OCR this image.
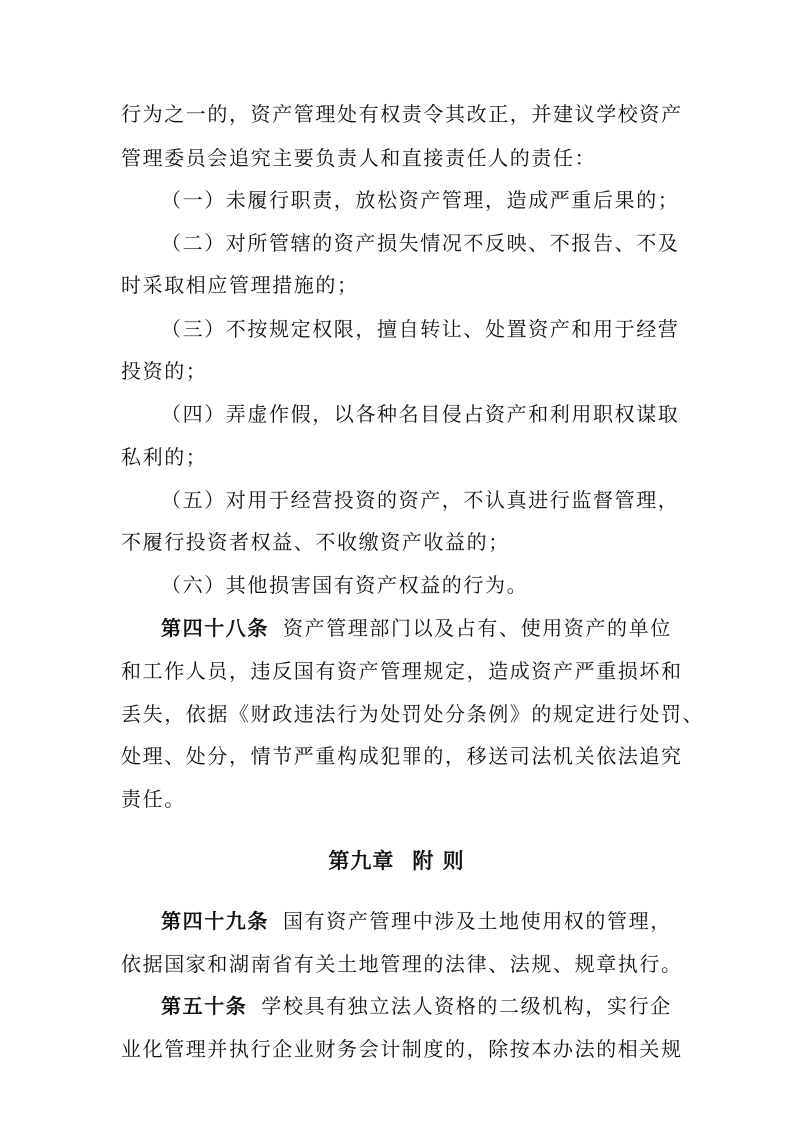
行为之一的，资产管理处有权责令其改正，并建议学校资产
管理委员会追究主要负责人和直接责任人的责任：
（一）未履行职责，放松资产管理，造成严重后果的；
（二）对所管辖的资产损失情况不反映、不报告、不及
时采取相应管理措施的；
（三）不按规定权限，擅自转让、处置资产和用于经营
投资的；
（四）弄虚作假，以各种名目侵占资产和利用职权谋取
私利的；
（五）对用于经营投资的资产，不认真进行监督管理，
不履行投资者权益、不收缴资产收益的；
（六）其他损害国有资产权益的行为。
第四十八条 资产管理部门以及占有、使用资产的单位
和工作人员，违反国有资产管理规定，造成资产严重损坏和
丢失，依据《财政违法行为处罚处分条例》的规定进行处罚、
处理、处分，情节严重构成犯罪的，移送司法机关依法追究
责任。
第九章 附 则
第四十九条 国有资产管理中涉及土地使用权的管理，
依据国家和湖南省有关土地管理的法律、法规、规章执行。
第五十条 学校具有独立法人资格的二级机构，实行企
业化管理并执行企业财务会计制度的，除按本办法的相关规
